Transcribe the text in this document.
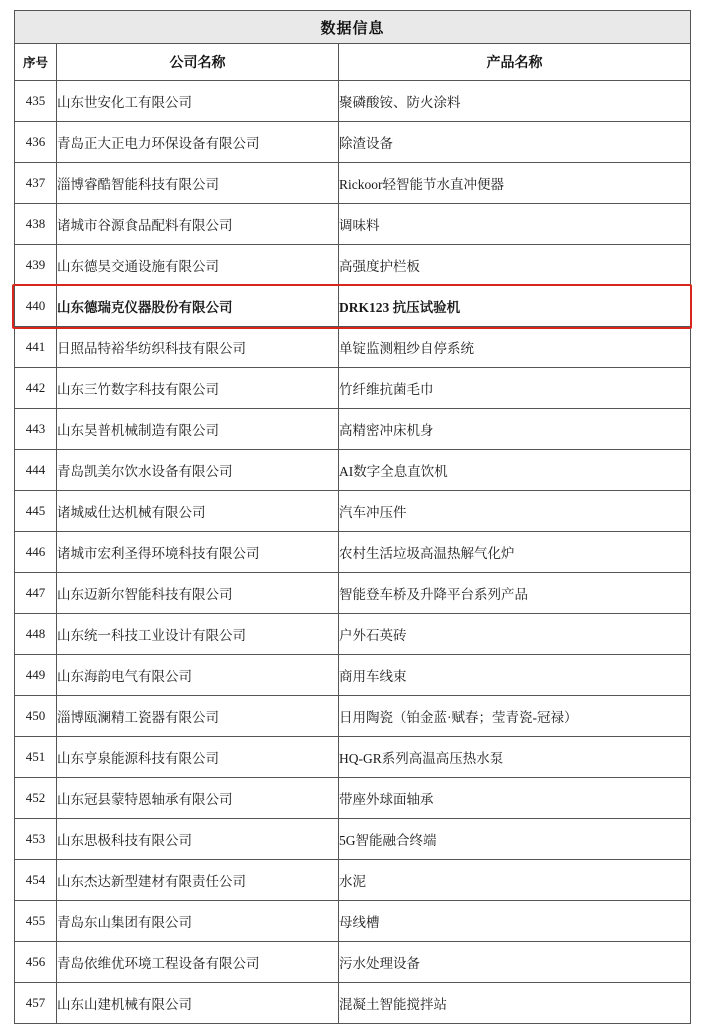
数据信息		
序号	公司名称	产品名称
435	山东世安化工有限公司	聚磷酸铵、防火涂料
436	青岛正大正电力环保设备有限公司	除渣设备
437	淄博睿酷智能科技有限公司	Rickoor轻智能节水直冲便器
438	诸城市谷源食品配料有限公司	调味料
439	山东德昊交通设施有限公司	高强度护栏板
440	山东德瑞克仪器股份有限公司	DRK123 抗压试验机
441	日照品特裕华纺织科技有限公司	单锭监测粗纱自停系统
442	山东三竹数字科技有限公司	竹纤维抗菌毛巾
443	山东昊普机械制造有限公司	高精密冲床机身
444	青岛凯美尔饮水设备有限公司	AI数字全息直饮机
445	诸城威仕达机械有限公司	汽车冲压件
446	诸城市宏利圣得环境科技有限公司	农村生活垃圾高温热解气化炉
447	山东迈新尔智能科技有限公司	智能登车桥及升降平台系列产品
448	山东统一科技工业设计有限公司	户外石英砖
449	山东海韵电气有限公司	商用车线束
450	淄博瓯澜精工瓷器有限公司	日用陶瓷（铂金蓝·赋春；莹青瓷-冠禄）
451	山东亨泉能源科技有限公司	HQ-GR系列高温高压热水泵
452	山东冠县蒙特恩轴承有限公司	带座外球面轴承
453	山东思极科技有限公司	5G智能融合终端
454	山东杰达新型建材有限责任公司	水泥
455	青岛东山集团有限公司	母线槽
456	青岛依维优环境工程设备有限公司	污水处理设备
457	山东山建机械有限公司	混凝土智能搅拌站
